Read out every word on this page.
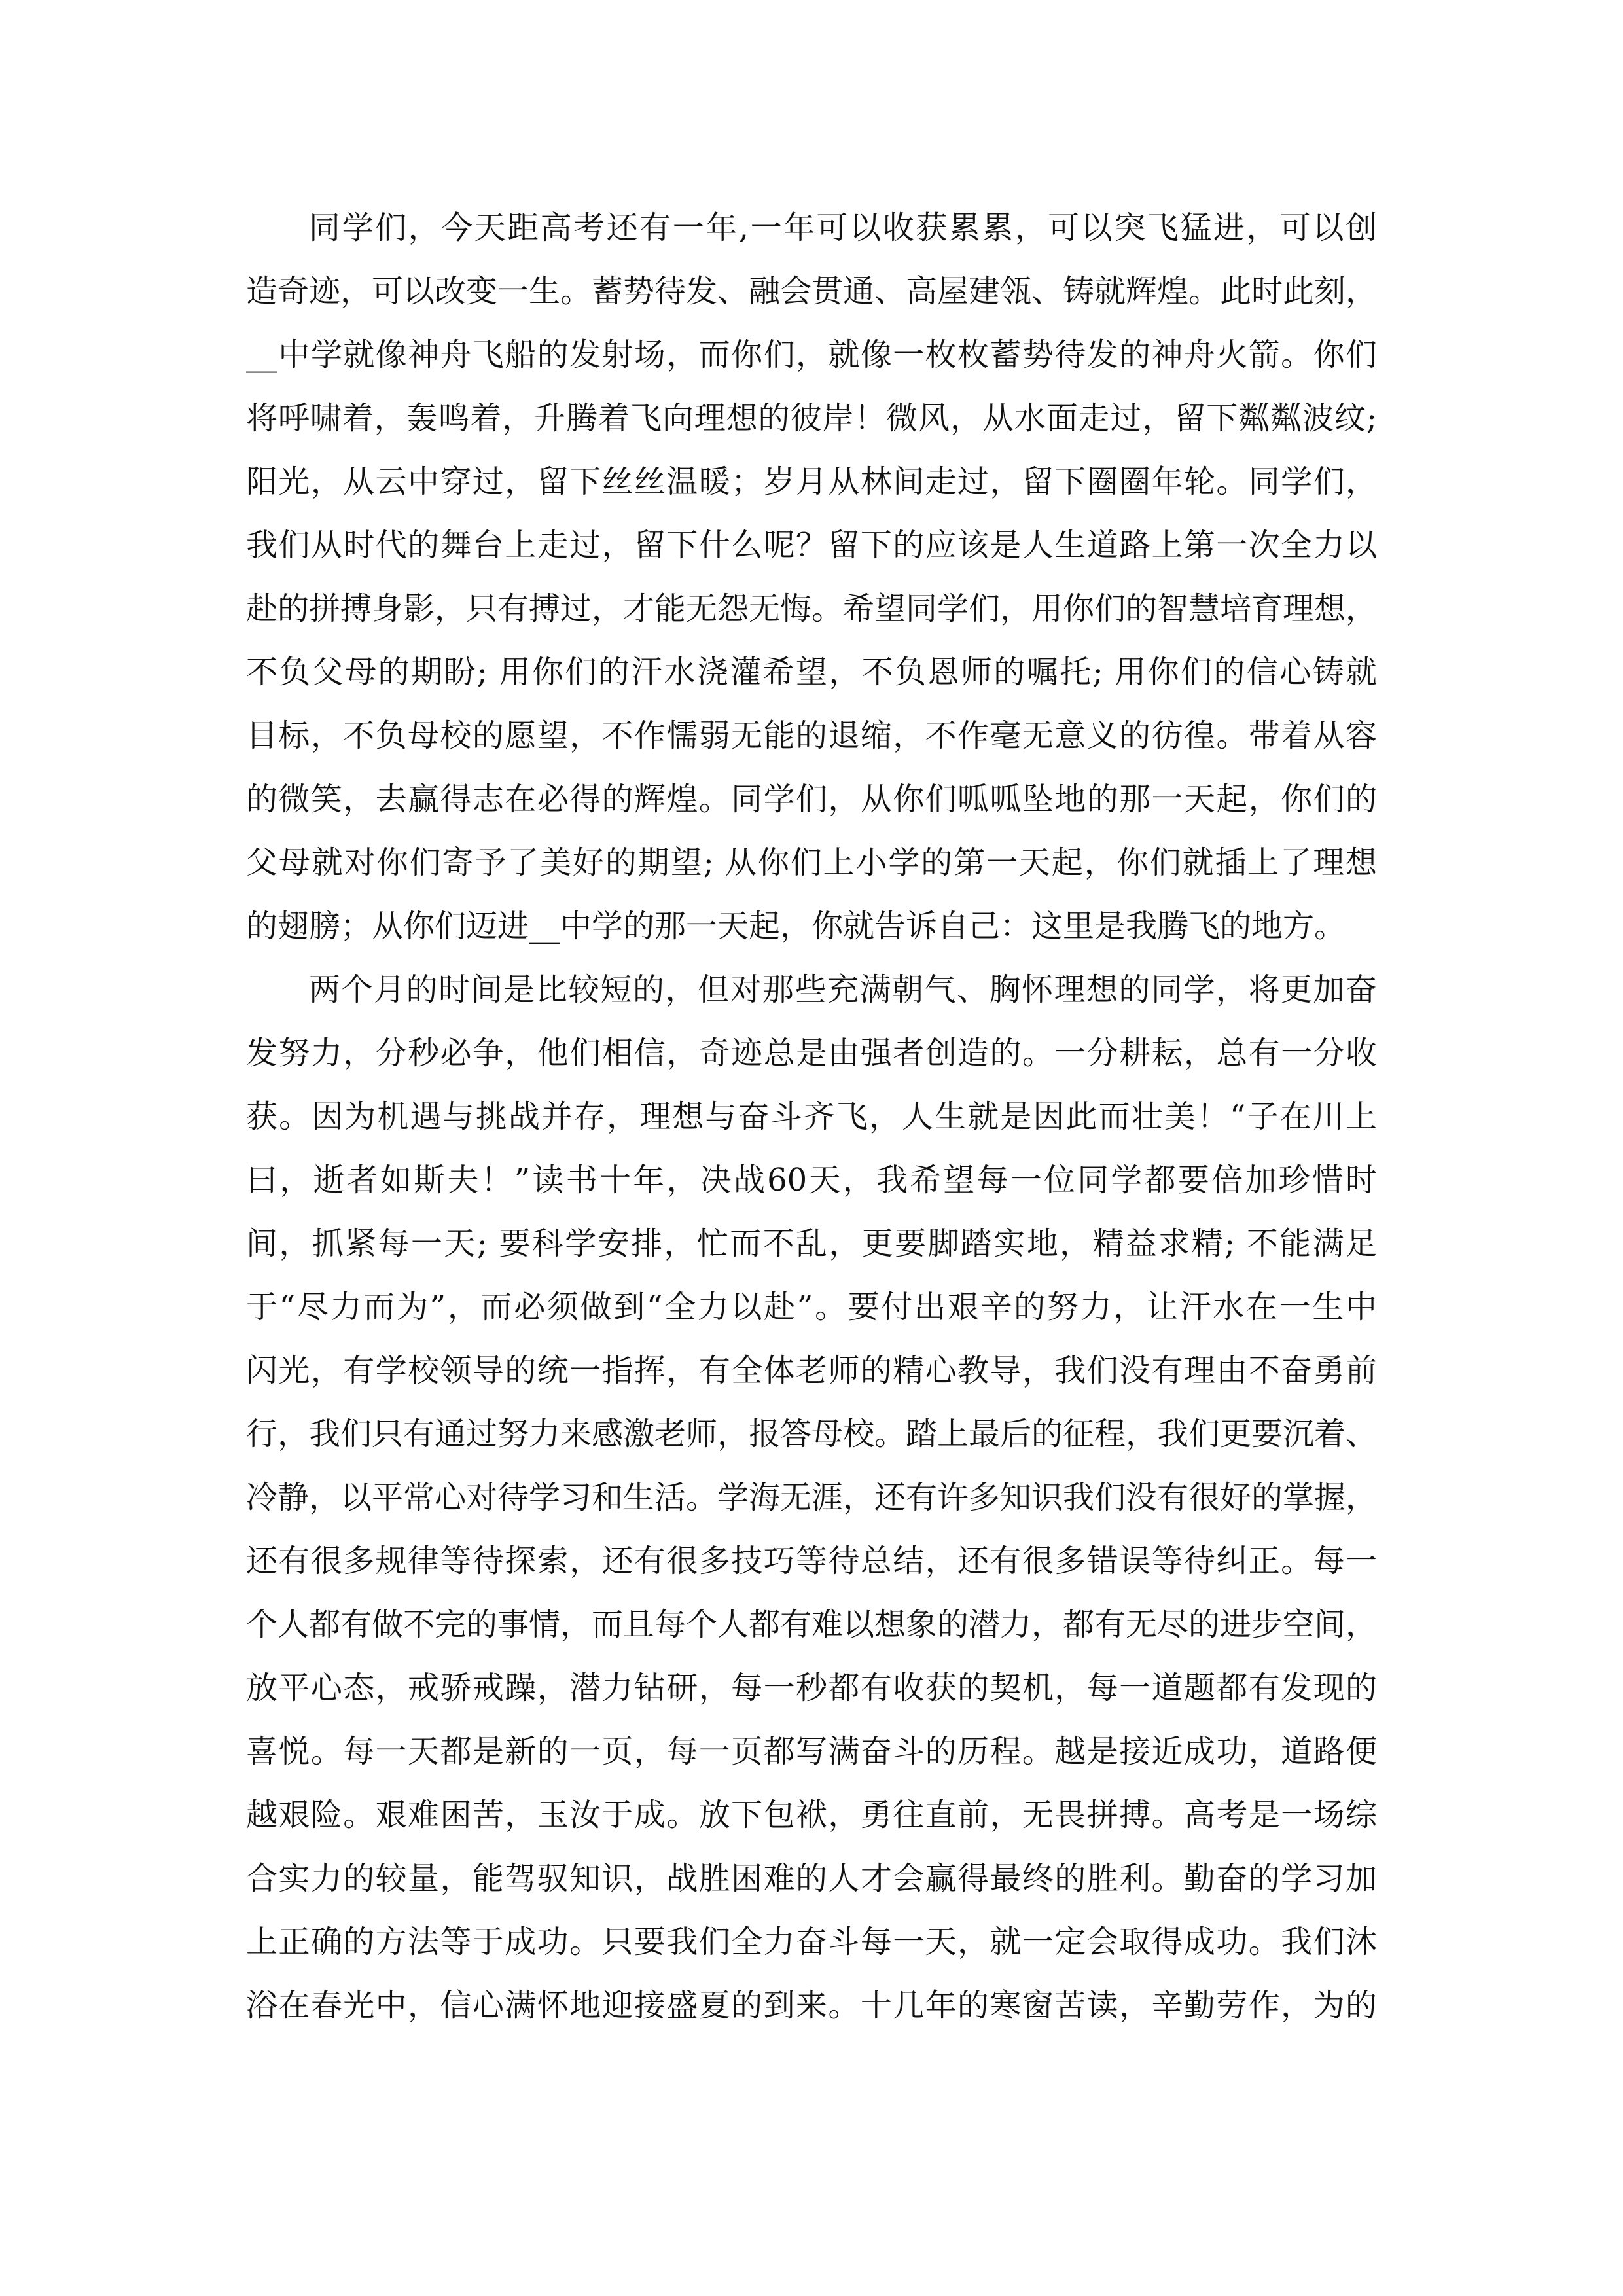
同学们，今天距高考还有一年,一年可以收获累累，可以突飞猛进，可以创
造奇迹，可以改变一生。蓄势待发、融会贯通、高屋建瓴、铸就辉煌。此时此刻，
__中学就像神舟飞船的发射场，而你们，就像一枚枚蓄势待发的神舟火箭。你们
将呼啸着，轰鸣着，升腾着飞向理想的彼岸！微风，从水面走过，留下粼粼波纹;
阳光，从云中穿过，留下丝丝温暖；岁月从林间走过，留下圈圈年轮。同学们，
我们从时代的舞台上走过，留下什么呢？留下的应该是人生道路上第一次全力以
赴的拼搏身影，只有搏过，才能无怨无悔。希望同学们，用你们的智慧培育理想，
不负父母的期盼; 用你们的汗水浇灌希望，不负恩师的嘱托; 用你们的信心铸就
目标，不负母校的愿望，不作懦弱无能的退缩，不作毫无意义的彷徨。带着从容
的微笑，去赢得志在必得的辉煌。同学们，从你们呱呱坠地的那一天起，你们的
父母就对你们寄予了美好的期望; 从你们上小学的第一天起，你们就插上了理想
的翅膀；从你们迈进__中学的那一天起，你就告诉自己：这里是我腾飞的地方。
两个月的时间是比较短的，但对那些充满朝气、胸怀理想的同学，将更加奋
发努力，分秒必争，他们相信，奇迹总是由强者创造的。一分耕耘，总有一分收
获。因为机遇与挑战并存，理想与奋斗齐飞，人生就是因此而壮美！“子在川上
曰，逝者如斯夫！”读书十年，决战60天，我希望每一位同学都要倍加珍惜时
间，抓紧每一天; 要科学安排，忙而不乱，更要脚踏实地，精益求精; 不能满足
于“尽力而为”，而必须做到“全力以赴”。要付出艰辛的努力，让汗水在一生中
闪光，有学校领导的统一指挥，有全体老师的精心教导，我们没有理由不奋勇前
行，我们只有通过努力来感激老师，报答母校。踏上最后的征程，我们更要沉着、
冷静，以平常心对待学习和生活。学海无涯，还有许多知识我们没有很好的掌握，
还有很多规律等待探索，还有很多技巧等待总结，还有很多错误等待纠正。每一
个人都有做不完的事情，而且每个人都有难以想象的潜力，都有无尽的进步空间，
放平心态，戒骄戒躁，潜力钻研，每一秒都有收获的契机，每一道题都有发现的
喜悦。每一天都是新的一页，每一页都写满奋斗的历程。越是接近成功，道路便
越艰险。艰难困苦，玉汝于成。放下包袱，勇往直前，无畏拼搏。高考是一场综
合实力的较量，能驾驭知识，战胜困难的人才会赢得最终的胜利。勤奋的学习加
上正确的方法等于成功。只要我们全力奋斗每一天，就一定会取得成功。我们沐
浴在春光中，信心满怀地迎接盛夏的到来。十几年的寒窗苦读，辛勤劳作，为的
